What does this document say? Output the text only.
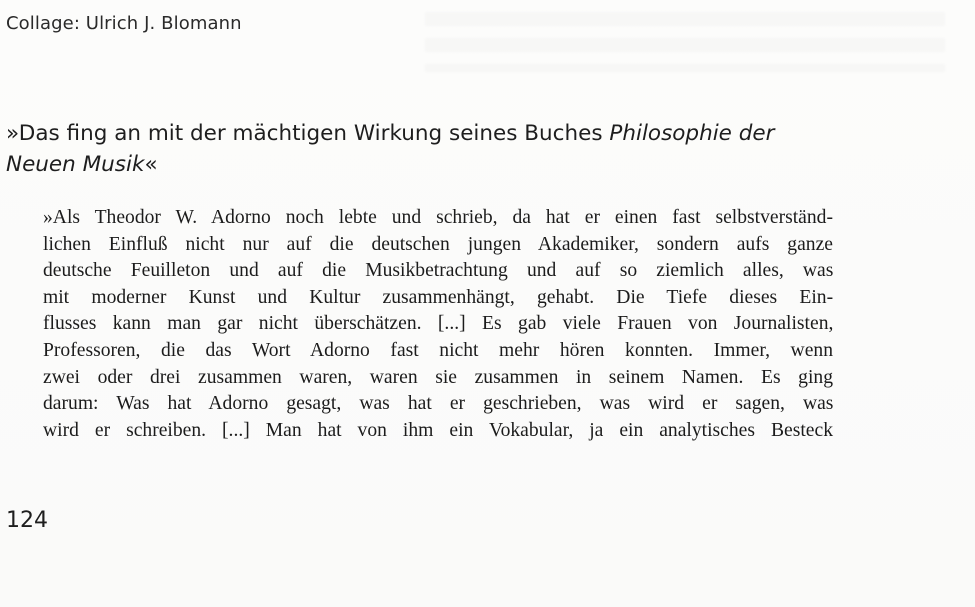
Collage: Ulrich J. Blomann
»Das fing an mit der mächtigen Wirkung seines Buches Philosophie der
Neuen Musik«
»Als Theodor W. Adorno noch lebte und schrieb, da hat er einen fast selbstverständ-
lichen Einfluß nicht nur auf die deutschen jungen Akademiker, sondern aufs ganze
deutsche Feuilleton und auf die Musikbetrachtung und auf so ziemlich alles, was
mit moderner Kunst und Kultur zusammenhängt, gehabt. Die Tiefe dieses Ein-
flusses kann man gar nicht überschätzen. [...] Es gab viele Frauen von Journalisten,
Professoren, die das Wort Adorno fast nicht mehr hören konnten. Immer, wenn
zwei oder drei zusammen waren, waren sie zusammen in seinem Namen. Es ging
darum: Was hat Adorno gesagt, was hat er geschrieben, was wird er sagen, was
wird er schreiben. [...] Man hat von ihm ein Vokabular, ja ein analytisches Besteck
124
